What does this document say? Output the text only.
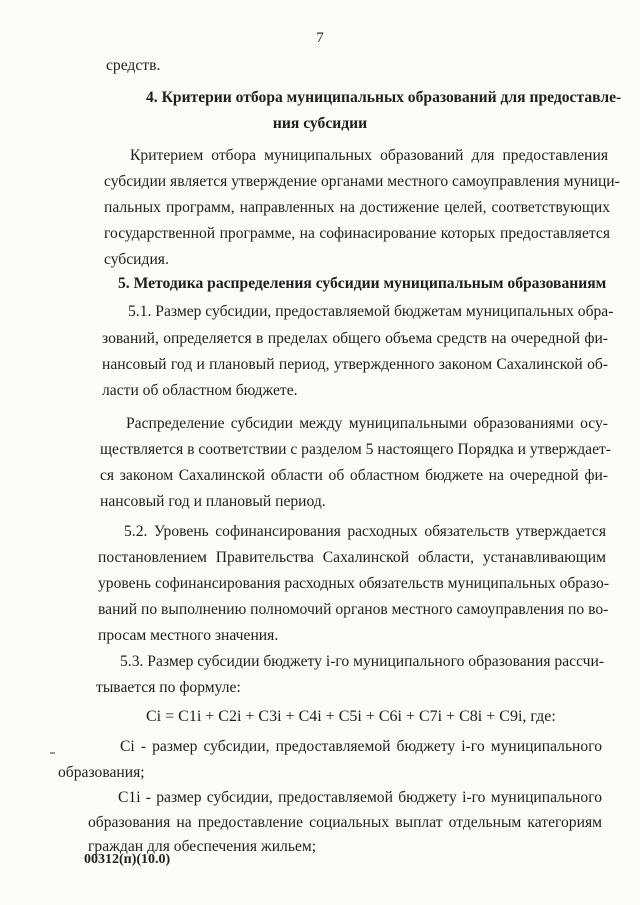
7
средств.
4. Критерии отбора муниципальных образований для предоставле-
ния субсидии
Критерием отбора муниципальных образований для предоставления
субсидии является утверждение органами местного самоуправления муници-
пальных программ, направленных на достижение целей, соответствующих
государственной программе, на софинасирование которых предоставляется
субсидия.
5. Методика распределения субсидии муниципальным образованиям
5.1. Размер субсидии, предоставляемой бюджетам муниципальных обра-
зований, определяется в пределах общего объема средств на очередной фи-
нансовый год и плановый период, утвержденного законом Сахалинской об-
ласти об областном бюджете.
Распределение субсидии между муниципальными образованиями осу-
ществляется в соответствии с разделом 5 настоящего Порядка и утверждает-
ся законом Сахалинской области об областном бюджете на очередной фи-
нансовый год и плановый период.
5.2. Уровень софинансирования расходных обязательств утверждается
постановлением Правительства Сахалинской области, устанавливающим
уровень софинансирования расходных обязательств муниципальных образо-
ваний по выполнению полномочий органов местного самоуправления по во-
просам местного значения.
5.3. Размер субсидии бюджету i-го муниципального образования рассчи-
тывается по формуле:
Ci = C1i + C2i + C3i + C4i + C5i + C6i + C7i + C8i + C9i, где:
Ci - размер субсидии, предоставляемой бюджету i-го муниципального
образования;
C1i - размер субсидии, предоставляемой бюджету i-го муниципального
образования на предоставление социальных выплат отдельным категориям
граждан для обеспечения жильем;
00312(п)(10.0)
